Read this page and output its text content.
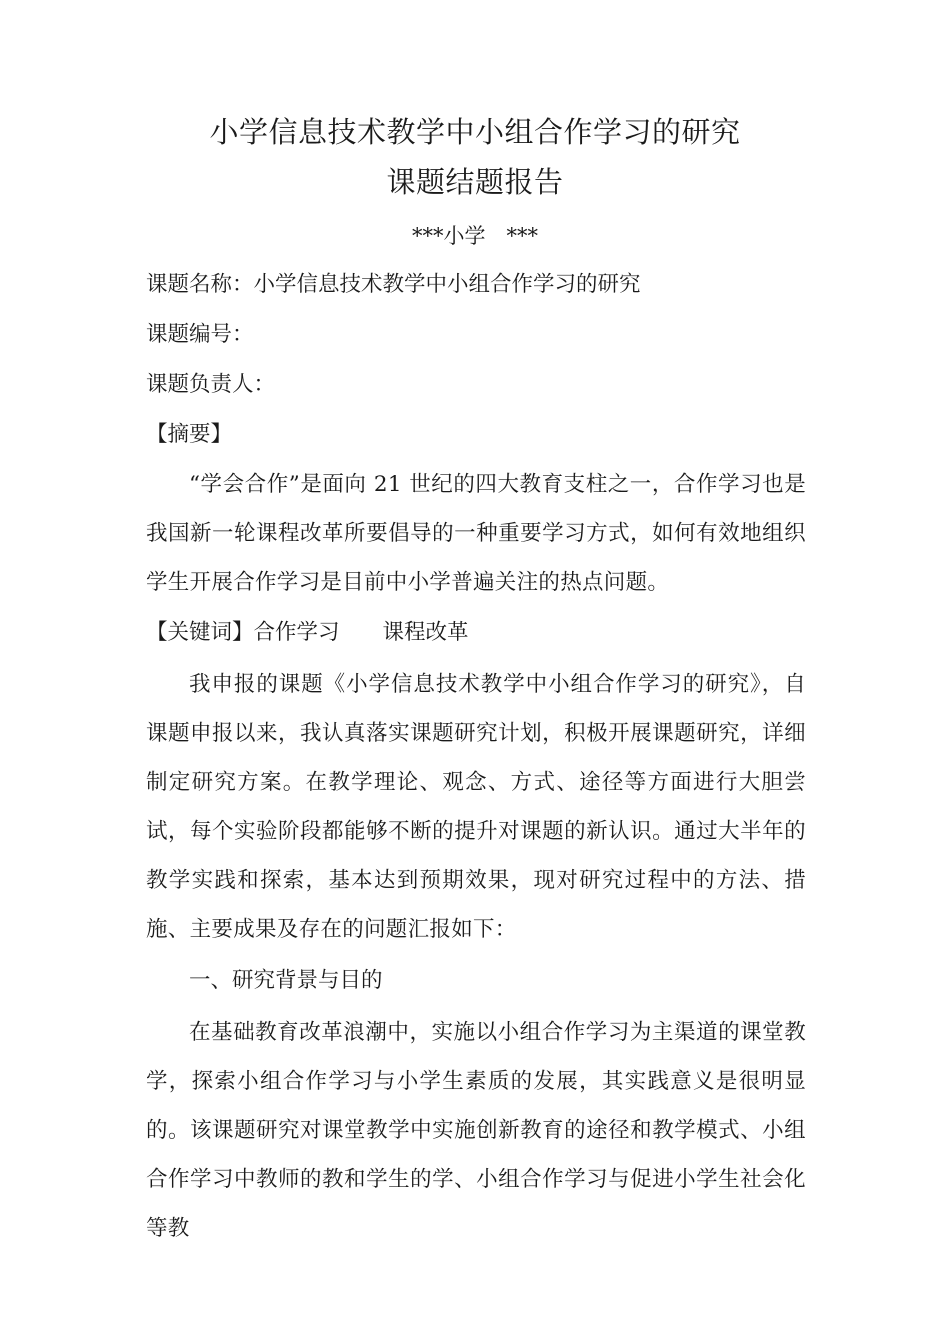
小学信息技术教学中小组合作学习的研究
课题结题报告
***小学　***
课题名称：小学信息技术教学中小组合作学习的研究
课题编号：
课题负责人：
【摘要】
“学会合作”是面向 21 世纪的四大教育支柱之一，合作学习也是我国新一轮课程改革所要倡导的一种重要学习方式，如何有效地组织学生开展合作学习是目前中小学普遍关注的热点问题。
【关键词】合作学习　　课程改革
我申报的课题《小学信息技术教学中小组合作学习的研究》，自课题申报以来，我认真落实课题研究计划，积极开展课题研究，详细制定研究方案。在教学理论、观念、方式、途径等方面进行大胆尝试，每个实验阶段都能够不断的提升对课题的新认识。通过大半年的教学实践和探索，基本达到预期效果，现对研究过程中的方法、措施、主要成果及存在的问题汇报如下：
一、研究背景与目的
在基础教育改革浪潮中，实施以小组合作学习为主渠道的课堂教学，探索小组合作学习与小学生素质的发展，其实践意义是很明显的。该课题研究对课堂教学中实施创新教育的途径和教学模式、小组合作学习中教师的教和学生的学、小组合作学习与促进小学生社会化等教
